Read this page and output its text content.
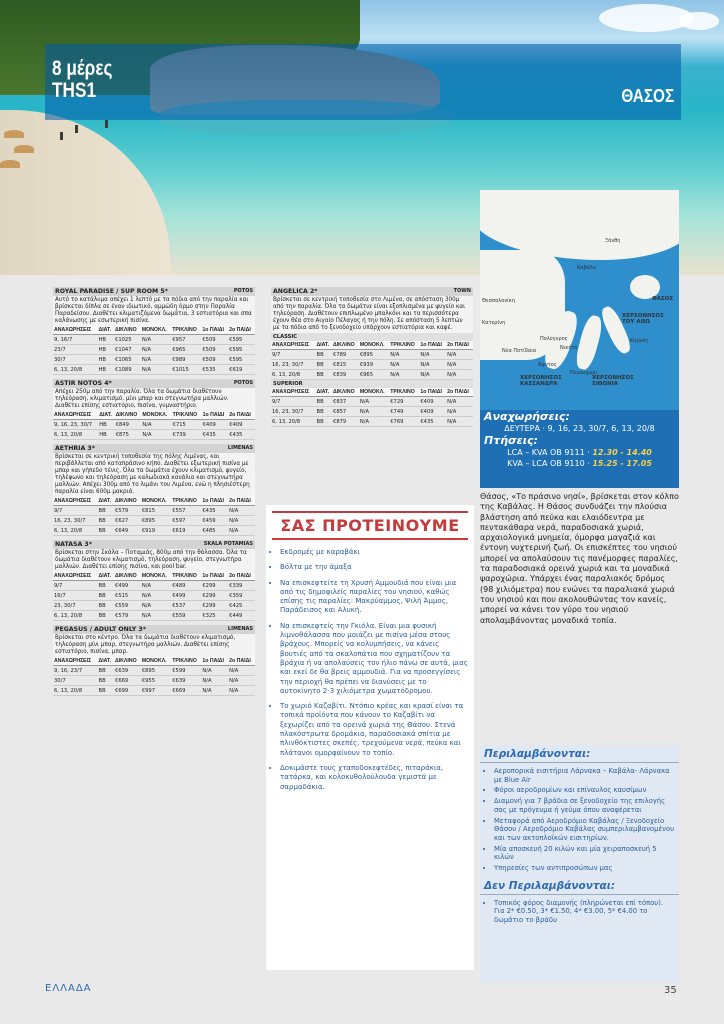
8 μέρες
THS1	ΘΑΣΟΣ
Ξάνθη
Καβάλα
Θεσσαλονίκη
Κατερίνη
Νέα Ποτίδαια
Άφυτος
Νικήτη
Πολύγυρος
ΘΑΣΟΣ
ΧΕΡΣΟΝΗΣΟΣ ΤΟΥ ΑΘΩ
Καρυές
ΧΕΡΣΟΝΗΣΟΣ ΚΑΣΣΑΝΔΡΑ
ΧΕΡΣΟΝΗΣΟΣ ΣΙΘΩΝΙΑ
Πευκοχώρι
Αναχωρήσεις:
ΔΕΥΤΕΡΑ · 9, 16, 23, 30/7, 6, 13, 20/8
Πτήσεις:
LCA – KVA OB 9111 · 12.30 - 14.40
KVA – LCA OB 9110 · 15.25 - 17.05
ROYAL PARADISE / SUP ROOM 5*	POTOS
Αυτό το κατάλυμα απέχει 1 λεπτό με τα πόδια από την παραλία και βρίσκεται δίπλα σε έναν ιδιωτικό, αμμώδη όρμο στην Παραλία Παραδείσου. Διαθέτει κλιματιζόμενα δωμάτια, 3 εστιατόρια και σπα καλάνωσης με εσωτερική πισίνα.
ΑΝΑΧΩΡΗΣΕΙΣ	ΔΙΑΤ.	ΔΙΚΛΙΝΟ	ΜΟΝΟΚΛ.	ΤΡΙΚΛΙΝΟ	1o ΠΑΙΔΙ	2o ΠΑΙΔΙ
9, 16/7	HB	€1025	N/A	€957	€509	€595
23/7	HB	€1047	N/A	€965	€509	€595
30/7	HB	€1065	N/A	€989	€509	€595
6, 13, 20/8	HB	€1089	N/A	€1015	€535	€619
ASTIR NOTOS 4*	POTOS
Απέχει 250μ από την παραλία. Όλα τα δωμάτια διαθέτουν τηλεόραση, κλιματισμό, μίνι μπαρ και στεγνωτήρα μαλλιών. Διαθέτει επίσης εστιατόριο, πισίνα, γυμναστήριο.
ΑΝΑΧΩΡΗΣΕΙΣ	ΔΙΑΤ.	ΔΙΚΛΙΝΟ	ΜΟΝΟΚΛ.	ΤΡΙΚΛΙΝΟ	1o ΠΑΙΔΙ	2o ΠΑΙΔΙ
9, 16, 23, 30/7	HB	€849	N/A	€715	€409	€409
6, 13, 20/8	HB	€875	N/A	€739	€435	€435
AETHRIA 3*	LIMENAS
Βρίσκεται σε κεντρική τοποθεσία της πόλης Λιμένας, και περιβάλλεται από καταπράσινο κήπο. Διαθέτει εξωτερική πισίνα με μπαρ και γήπεδο τένις. Όλα τα δωμάτια έχουν κλιματισμό, ψυγείο, τηλέφωνο και τηλεόραση με καλωδιακά κανάλια και στεγνωτήρα μαλλιών. Απέχει 300μ από το λιμάνι του Λιμένα, ενώ η πλησιέστερη παραλία είναι 600μ μακριά.
ΑΝΑΧΩΡΗΣΕΙΣ	ΔΙΑΤ.	ΔΙΚΛΙΝΟ	ΜΟΝΟΚΛ.	ΤΡΙΚΛΙΝΟ	1o ΠΑΙΔΙ	2o ΠΑΙΔΙ
9/7	BB	€579	€815	€557	€435	N/A
16, 23, 30/7	BB	€627	€895	€597	€459	N/A
6, 13, 20/8	BB	€649	€919	€619	€485	N/A
NATASA 3*	SKALA POTAMIAS
Βρίσκεται στην Σκάλα – Ποταμιάς, 800μ από την θάλασσα. Όλα τα δωμάτια διαθέτουν κλιματισμό, τηλεόραση, ψυγείο, στεγνωτήρα μαλλιών. Διαθέτει επίσης πισίνα, και pool bar.
ΑΝΑΧΩΡΗΣΕΙΣ	ΔΙΑΤ.	ΔΙΚΛΙΝΟ	ΜΟΝΟΚΛ.	ΤΡΙΚΛΙΝΟ	1o ΠΑΙΔΙ	2o ΠΑΙΔΙ
9/7	BB	€499	N/A	€489	€299	€339
16/7	BB	€515	N/A	€499	€299	€359
23, 30/7	BB	€559	N/A	€537	€299	€425
6, 13, 20/8	BB	€579	N/A	€559	€325	€449
PEGASUS / ADULT ONLY 3*	LIMENAS
Βρίσκεται στο κέντρο. Όλα τα δωμάτια διαθέτουν κλιματισμό, τηλεόραση μίνι μπαρ, στεγνωτήρα μαλλιών. Διαθέτει επίσης εστιατόριο, πισίνα, μπαρ.
ΑΝΑΧΩΡΗΣΕΙΣ	ΔΙΑΤ.	ΔΙΚΛΙΝΟ	ΜΟΝΟΚΛ.	ΤΡΙΚΛΙΝΟ	1o ΠΑΙΔΙ	2o ΠΑΙΔΙ
9, 16, 23/7	BB	€639	€895	€599	N/A	N/A
30/7	BB	€669	€955	€639	N/A	N/A
6, 13, 20/8	BB	€699	€997	€669	N/A	N/A
ANGELICA 2*	TOWN
Βρίσκεται σε κεντρική τοποθεσία στο Λιμένα, σε απόσταση 300μ από την παραλία. Όλα τα δωμάτια είναι εξοπλισμένα με ψυγείο και τηλεόραση. Διαθέτουν επιπλωμένο μπαλκόνι και τα περισσότερα έχουν θέα στο Αιγαίο Πέλαγος ή την πόλη. Σε απόσταση 5 λεπτών με τα πόδια από το ξενοδοχείο υπάρχουν εστιατόρια και καφέ.
CLASSIC
ΑΝΑΧΩΡΗΣΕΙΣ	ΔΙΑΤ.	ΔΙΚΛΙΝΟ	ΜΟΝΟΚΛ.	ΤΡΙΚΛΙΝΟ	1o ΠΑΙΔΙ	2o ΠΑΙΔΙ
9/7	BB	€789	€895	N/A	N/A	N/A
16, 23, 30/7	BB	€815	€939	N/A	N/A	N/A
6, 13, 20/8	BB	€839	€965	N/A	N/A	N/A
SUPERIOR
ΑΝΑΧΩΡΗΣΕΙΣ	ΔΙΑΤ.	ΔΙΚΛΙΝΟ	ΜΟΝΟΚΛ.	ΤΡΙΚΛΙΝΟ	1o ΠΑΙΔΙ	2o ΠΑΙΔΙ
9/7	BB	€837	N/A	€729	€409	N/A
16, 23, 30/7	BB	€857	N/A	€749	€409	N/A
6, 13, 20/8	BB	€879	N/A	€769	€435	N/A
ΣΑΣ ΠΡΟΤΕΙΝΟΥΜΕ
• Εκδρομές με καραβάκι
• Βόλτα με την άμαξα
• Να επισκεφτείτε τη Χρυσή Αμμουδιά που είναι μια από τις δημοφιλείς παραλίες του νησιού, καθώς επίσης τις παραλίες: Μακρύαμμος, Ψιλή Άμμος, Παράδεισος και Αλυκή.
• Να επισκεφτείς την Γκιόλα. Είναι μια φυσική λιμνοθάλασσα που μοιάζει με πισίνα μέσα στους βράχους. Μπορείς να κολυμπήσεις, να κάνεις βουτιές από τα σκαλοπάτια που σχηματίζουν τα βράχια ή να απολαύσεις τον ήλιο πάνω σε αυτά, μιας και εκεί δε θα βρεις αμμουδιά. Για να προσεγγίσεις την περιοχή θα πρέπει να διανύσεις με το αυτοκίνητο 2-3 χιλιόμετρα χωματόδρομου.
• Το χωριό Καζαβίτι. Ντόπιο κρέας και κρασί είναι τα τοπικά προϊόντα που κάνουν το Καζαβίτι να ξεχωρίζει από τα ορεινά χωριά της Θάσου. Στενά πλακόστρωτα δρομάκια, παραδοσιακά σπίτια με πλινθόκτιστες σκεπές, τρεχούμενα νερά, πεύκα και πλάτανοι ομορφαίνουν το τοπίο.
• Δοκιμάστε τους χταποδοκεφτέδες, πιταράκια, τατάρκα, και κολοκυθολούλουδα γεμιστά με σαρμαδάκια.
Θάσος, «Το πράσινο νησί», βρίσκεται στον κόλπο της Καβάλας. Η Θάσος συνδυάζει την πλούσια βλάστηση από πεύκα και ελαιόδεντρα με πεντακάθαρα νερά, παραδοσιακά χωριά, αρχαιολογικά μνημεία, όμορφα μαγαζιά και έντονη νυχτερινή ζωή. Οι επισκέπτες του νησιού μπορεί να απολαύσουν τις πανέμορφες παραλίες, τα παραδοσιακά ορεινά χωριά και τα μοναδικά ψαροχώρια. Υπάρχει ένας παραλιακός δρόμος (98 χιλιόμετρα) που ενώνει τα παραλιακά χωριά του νησιού και που ακολουθώντας τον κανείς, μπορεί να κάνει τον γύρο του νησιού απολαμβάνοντας μοναδικά τοπία.
Περιλαμβάνονται:
• Αεροπορικά εισιτήρια Λάρνακα – Καβάλα- Λάρνακα με Blue Air
• Φόροι αεροδρομίων και επίναυλος καυσίμων
• Διαμονή για 7 βράδια σε ξενοδοχείο της επιλογής σας με πρόγευμα ή γεύμα όπου αναφέρεται
• Μεταφορά από Αεροδρόμιο Καβάλας / Ξενοδοχείο Θάσου / Αεροδρόμιο Καβάλας συμπεριλαμβανομένου και των ακτοπλοϊκών εισιτηρίων.
• Μία αποσκευή 20 κιλών και μία χειραποσκευή 5 κιλών
• Υπηρεσίες των αντιπροσώπων μας
Δεν Περιλαμβάνονται:
• Τοπικός φόρος διαμονής (πληρώνεται επί τόπου). Για 2* €0.50, 3* €1.50, 4* €3.00, 5* €4.00 το δωμάτιο το βράδυ
ΕΛΛΑΔΑ	35
